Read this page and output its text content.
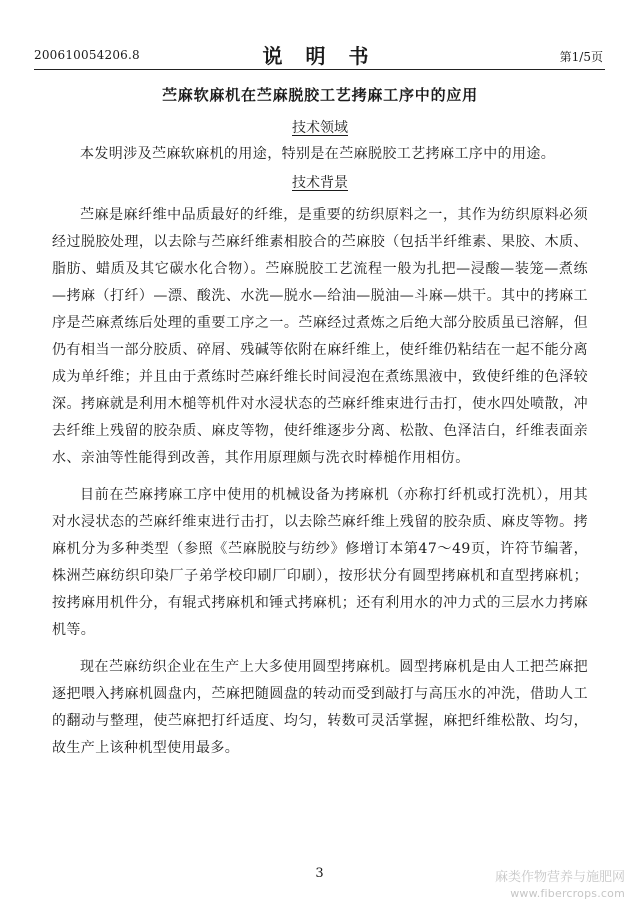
200610054206.8	说 明 书	第1/5页
苎麻软麻机在苎麻脱胶工艺拷麻工序中的应用

技术领域

本发明涉及苎麻软麻机的用途，特别是在苎麻脱胶工艺拷麻工序中的用途。

技术背景

苎麻是麻纤维中品质最好的纤维，是重要的纺织原料之一，其作为纺织原料必须经过脱胶处理，以去除与苎麻纤维素相胶合的苎麻胶（包括半纤维素、果胶、木质、脂肪、蜡质及其它碳水化合物）。苎麻脱胶工艺流程一般为扎把—浸酸—装笼—煮练—拷麻（打纤）—漂、酸洗、水洗—脱水—给油—脱油—斗麻—烘干。其中的拷麻工序是苎麻煮练后处理的重要工序之一。苎麻经过煮炼之后绝大部分胶质虽已溶解，但仍有相当一部分胶质、碎屑、残碱等依附在麻纤维上，使纤维仍粘结在一起不能分离成为单纤维；并且由于煮练时苎麻纤维长时间浸泡在煮练黑液中，致使纤维的色泽较深。拷麻就是利用木槌等机件对水浸状态的苎麻纤维束进行击打，使水四处喷散，冲去纤维上残留的胶杂质、麻皮等物，使纤维逐步分离、松散、色泽洁白，纤维表面亲水、亲油等性能得到改善，其作用原理颇与洗衣时棒槌作用相仿。

目前在苎麻拷麻工序中使用的机械设备为拷麻机（亦称打纤机或打洗机），用其对水浸状态的苎麻纤维束进行击打，以去除苎麻纤维上残留的胶杂质、麻皮等物。拷麻机分为多种类型（参照《苎麻脱胶与纺纱》修增订本第47～49页，许符节编著，株洲苎麻纺织印染厂子弟学校印刷厂印刷），按形状分有圆型拷麻机和直型拷麻机；按拷麻用机件分，有辊式拷麻机和锤式拷麻机；还有利用水的冲力式的三层水力拷麻机等。

现在苎麻纺织企业在生产上大多使用圆型拷麻机。圆型拷麻机是由人工把苎麻把逐把喂入拷麻机圆盘内，苎麻把随圆盘的转动而受到敲打与高压水的冲洗，借助人工的翻动与整理，使苎麻把打纤适度、均匀，转数可灵活掌握，麻把纤维松散、均匀，故生产上该种机型使用最多。

3	麻类作物营养与施肥网
www.fibercrops.com
